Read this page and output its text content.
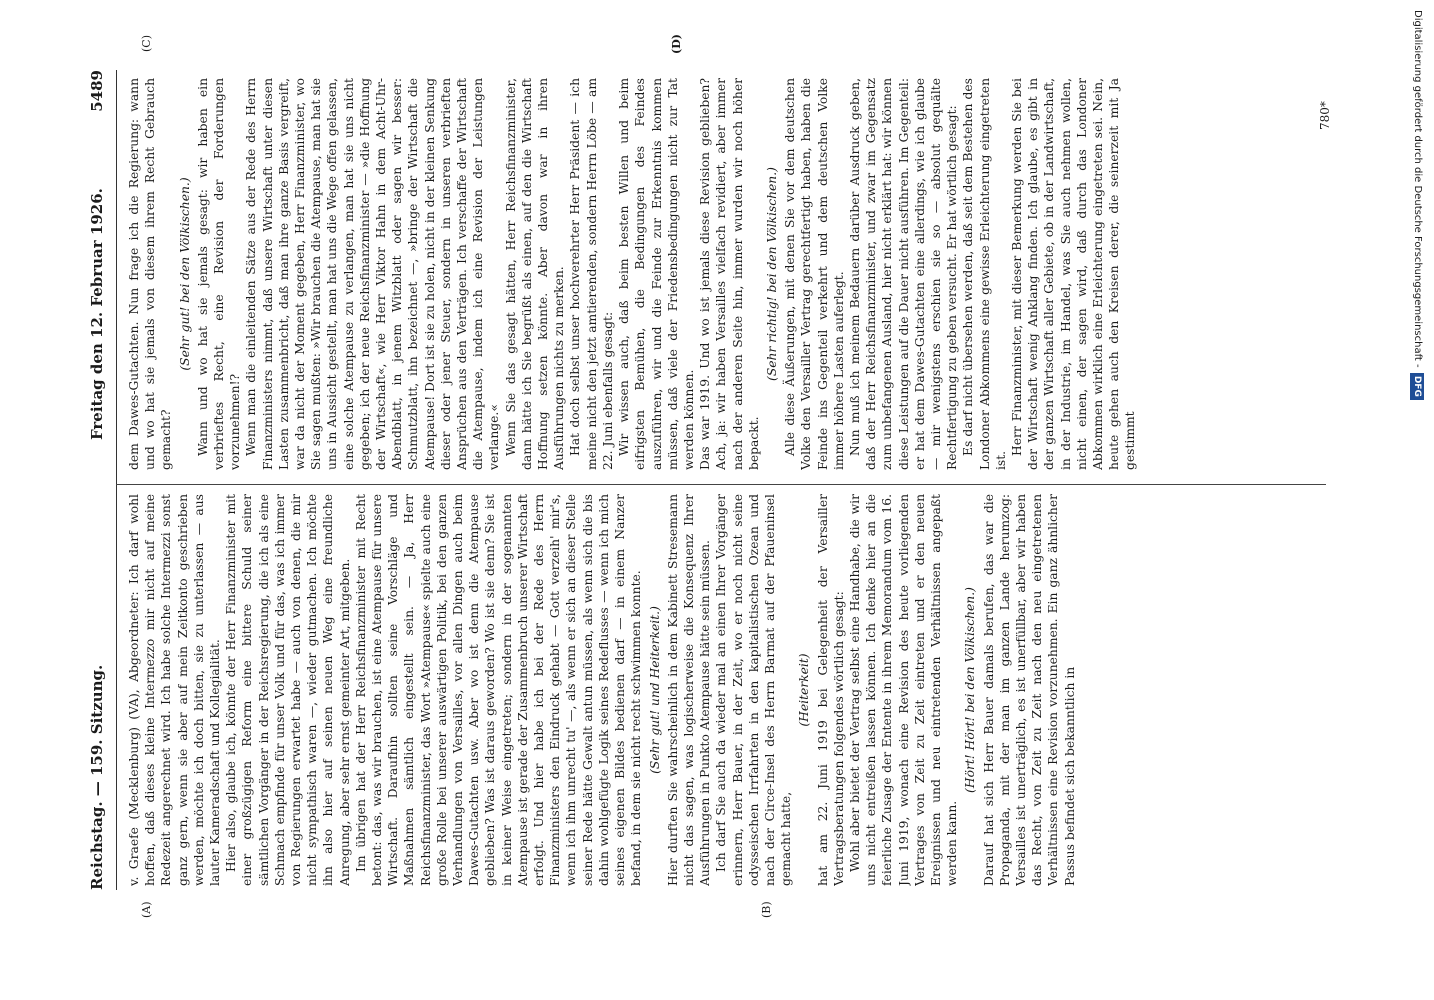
Reichstag. — 159. Sitzung.
Freitag den 12. Februar 1926.
5489
(A)	(B)
(C)	(D)

v. Graefe (Mecklenburg) (VA), Abgeordneter: Ich darf wohl hoffen, daß dieses kleine Intermezzo mir nicht auf meine Redezeit angerechnet wird. Ich habe solche Intermezzi sonst ganz gern, wenn sie aber auf mein Zeitkonto geschrieben werden, möchte ich doch bitten, sie zu unterlassen — aus lauter Kameradschaft und Kollegialität. Hier also, glaube ich, könnte der Herr Finanzminister mit einer großzügigen Reform eine bittere Schuld seiner sämtlichen Vorgänger in der Reichsregierung, die ich als eine Schmach empfinde für unser Volk und für das, was ich immer von Regierungen erwartet habe — auch von denen, die mir nicht sympathisch waren —, wieder gutmachen. Ich möchte ihn also hier auf seinen neuen Weg eine freundliche Anregung, aber sehr ernst gemeinter Art, mitgeben. Im übrigen hat der Herr Reichsfinanzminister mit Recht betont: das, was wir brauchen, ist eine Atempause für unsere Wirtschaft. Daraufhin sollten seine Vorschläge und Maßnahmen sämtlich eingestellt sein. — Ja, Herr Reichsfinanzminister, das Wort »Atempause« spielte auch eine große Rolle bei unserer auswärtigen Politik, bei den ganzen Verhandlungen von Versailles, vor allen Dingen auch beim Dawes-Gutachten usw. Aber wo ist denn die Atempause geblieben? Was ist daraus geworden? Wo ist sie denn? Sie ist in keiner Weise eingetreten; sondern in der sogenannten Atempause ist gerade der Zusammenbruch unserer Wirtschaft erfolgt. Und hier habe ich bei der Rede des Herrn Finanzministers den Eindruck gehabt — Gott verzeih' mir's, wenn ich ihm unrecht tu' —, als wenn er sich an dieser Stelle seiner Rede hätte Gewalt antun müssen, als wenn sich die bis dahin wohlgefügte Logik seines Redeflusses — wenn ich mich seines eigenen Bildes bedienen darf — in einem Nanzer befand, in dem sie nicht recht schwimmen konnte. (Sehr gut! und Heiterkeit.) Hier durften Sie wahrscheinlich in dem Kabinett Stresemann nicht das sagen, was logischerweise die Konsequenz Ihrer Ausführungen in Punkto Atempause hätte sein müssen. Ich darf Sie auch da wieder mal an einen Ihrer Vorgänger erinnern, Herr Bauer, in der Zeit, wo er noch nicht seine odysseischen Irrfahrten in den kapitalistischen Ozean und nach der Circe-Insel des Herrn Barmat auf der Pfaueninsel gemacht hatte,

(Heiterkeit) hat am 22. Juni 1919 bei Gelegenheit der Versailler Vertragsberatungen folgendes wörtlich gesagt: Wohl aber bietet der Vertrag selbst eine Handhabe, die wir uns nicht entreißen lassen können. Ich denke hier an die feierliche Zusage der Entente in ihrem Memorandum vom 16. Juni 1919, wonach eine Revision des heute vorliegenden Vertrages von Zeit zu Zeit eintreten und er den neuen Ereignissen und neu eintretenden Verhältnissen angepaßt werden kann.

(Hört! Hört! bei den Völkischen.) Darauf hat sich Herr Bauer damals berufen, das war die Propaganda, mit der man im ganzen Lande herumzog: Versailles ist unerträglich, es ist unerfüllbar, aber wir haben das Recht, von Zeit zu Zeit nach den neu eingetretenen Verhältnissen eine Revision vorzunehmen. Ein ganz ähnlicher Passus befindet sich bekanntlich in

dem Dawes-Gutachten. Nun frage ich die Regierung: wann und wo hat sie jemals von diesem ihrem Recht Gebrauch gemacht?

(Sehr gut! bei den Völkischen.) Wann und wo hat sie jemals gesagt: wir haben ein verbrieftes Recht, eine Revision der Forderungen vorzunehmen!? Wenn man die einleitenden Sätze aus der Rede des Herrn Finanzministers nimmt, daß unsere Wirtschaft unter diesen Lasten zusammenbricht, daß man ihre ganze Basis vergreift, war da nicht der Moment gegeben, Herr Finanzminister, wo Sie sagen mußten: »Wir brauchen die Atempause, man hat sie uns in Aussicht gestellt, man hat uns die Wege offen gelassen, eine solche Atempause zu verlangen, man hat sie uns nicht gegeben; ich der neue Reichsfinanzminister — »die Hoffnung der Wirtschaft«, wie Herr Viktor Hahn in dem Acht-Uhr-Abendblatt, in jenem Witzblatt oder sagen wir besser: Schmutzblatt, ihn bezeichnet —, »bringe der Wirtschaft die Atempause! Dort ist sie zu holen, nicht in der kleinen Senkung dieser oder jener Steuer, sondern in unseren verbrieften Ansprüchen aus den Verträgen. Ich verschaffe der Wirtschaft die Atempause, indem ich eine Revision der Leistungen verlange.« Wenn Sie das gesagt hätten, Herr Reichsfinanzminister, dann hätte ich Sie begrüßt als einen, auf den die Wirtschaft Hoffnung setzen könnte. Aber davon war in ihren Ausführungen nichts zu merken. Hat doch selbst unser hochverehrter Herr Präsident — ich meine nicht den jetzt amtierenden, sondern Herrn Löbe — am 22. Juni ebenfalls gesagt: Wir wissen auch, daß beim besten Willen und beim eifrigsten Bemühen, die Bedingungen des Feindes auszuführen, wir und die Feinde zur Erkenntnis kommen müssen, daß viele der Friedensbedingungen nicht zur Tat werden können. Das war 1919. Und wo ist jemals diese Revision geblieben? Ach, ja: wir haben Versailles vielfach revidiert, aber immer nach der anderen Seite hin, immer wurden wir noch höher bepackt.

(Sehr richtig! bei den Völkischen.) Alle diese Äußerungen, mit denen Sie vor dem deutschen Volke den Versailler Vertrag gerechtfertigt haben, haben die Feinde ins Gegenteil verkehrt und dem deutschen Volke immer höhere Lasten auferlegt. Nun muß ich meinem Bedauern darüber Ausdruck geben, daß der Herr Reichsfinanzminister, und zwar im Gegensatz zum unbefangenen Ausland, hier nicht erklärt hat: wir können diese Leistungen auf die Dauer nicht ausführen. Im Gegenteil: er hat dem Dawes-Gutachten eine allerdings, wie ich glaube — mir wenigstens erschien sie so — absolut gequälte Rechtfertigung zu geben versucht. Er hat wörtlich gesagt: Es darf nicht übersehen werden, daß seit dem Bestehen des Londoner Abkommens eine gewisse Erleichterung eingetreten ist.

Herr Finanzminister, mit dieser Bemerkung werden Sie bei der Wirtschaft wenig Anklang finden. Ich glaube, es gibt in der ganzen Wirtschaft aller Gebiete, ob in der Landwirtschaft, in der Industrie, im Handel, was Sie auch nehmen wollen, nicht einen, der sagen wird, daß durch das Londoner Abkommen wirklich eine Erleichterung eingetreten sei. Nein, heute gehen auch den Kreisen derer, die seinerzeit mit Ja gestimmt

780*	Digitalisierung gefördert durch die Deutsche Forschungsgemeinschaft - DFG
